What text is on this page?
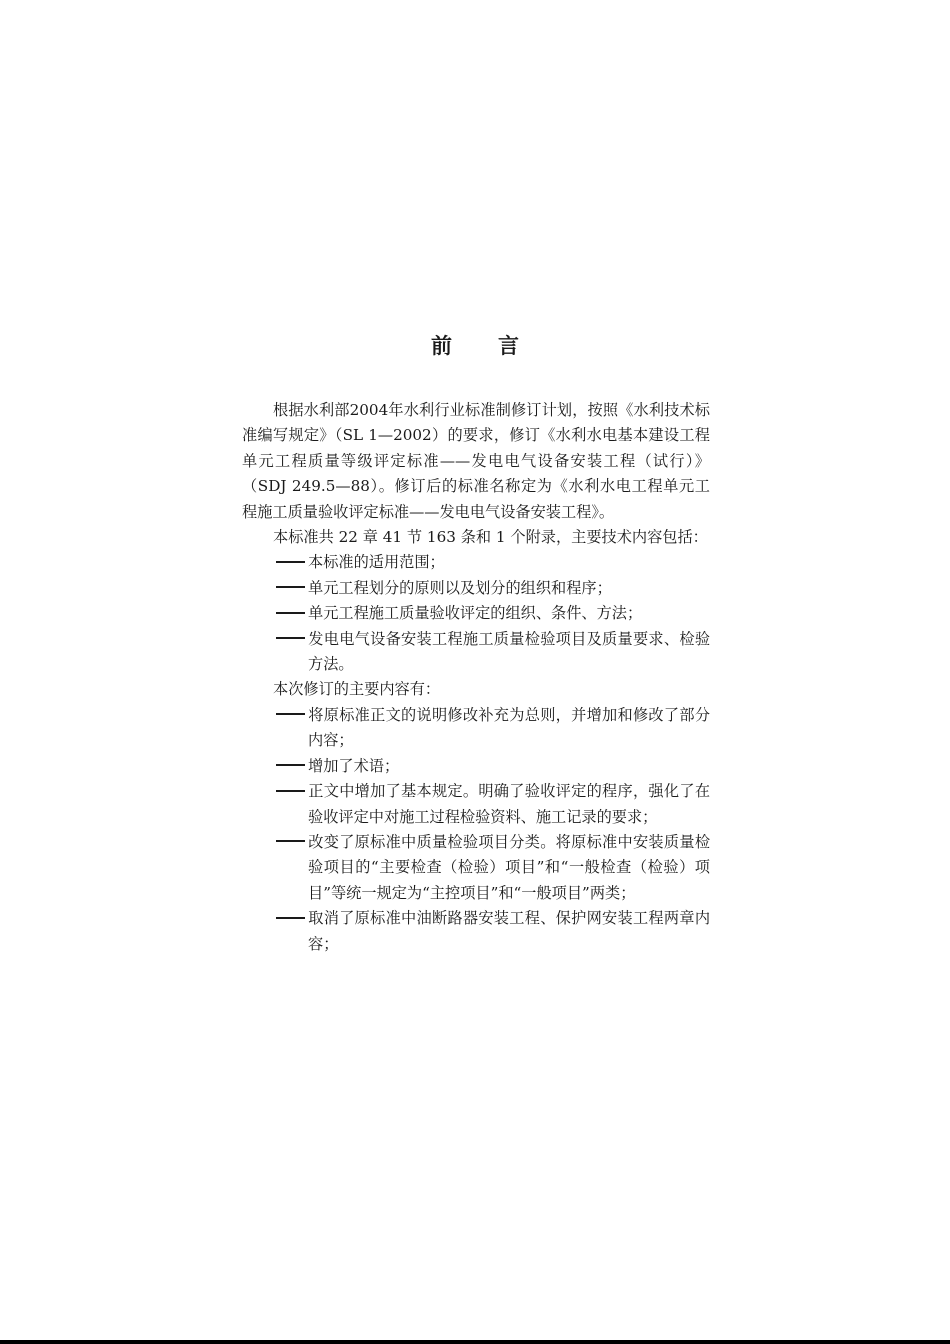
前言

根据水利部2004年水利行业标准制修订计划，按照《水利技术标准编写规定》（SL 1—2002）的要求，修订《水利水电基本建设工程单元工程质量等级评定标准——发电电气设备安装工程（试行）》（SDJ 249.5—88）。修订后的标准名称定为《水利水电工程单元工程施工质量验收评定标准——发电电气设备安装工程》。

本标准共 22 章 41 节 163 条和 1 个附录，主要技术内容包括：

本标准的适用范围；

单元工程划分的原则以及划分的组织和程序；

单元工程施工质量验收评定的组织、条件、方法；

发电电气设备安装工程施工质量检验项目及质量要求、检验方法。

本次修订的主要内容有：

将原标准正文的说明修改补充为总则，并增加和修改了部分内容；

增加了术语；

正文中增加了基本规定。明确了验收评定的程序，强化了在验收评定中对施工过程检验资料、施工记录的要求；

改变了原标准中质量检验项目分类。将原标准中安装质量检验项目的“主要检查（检验）项目”和“一般检查（检验）项目”等统一规定为“主控项目”和“一般项目”两类；

取消了原标准中油断路器安装工程、保护网安装工程两章内容；
